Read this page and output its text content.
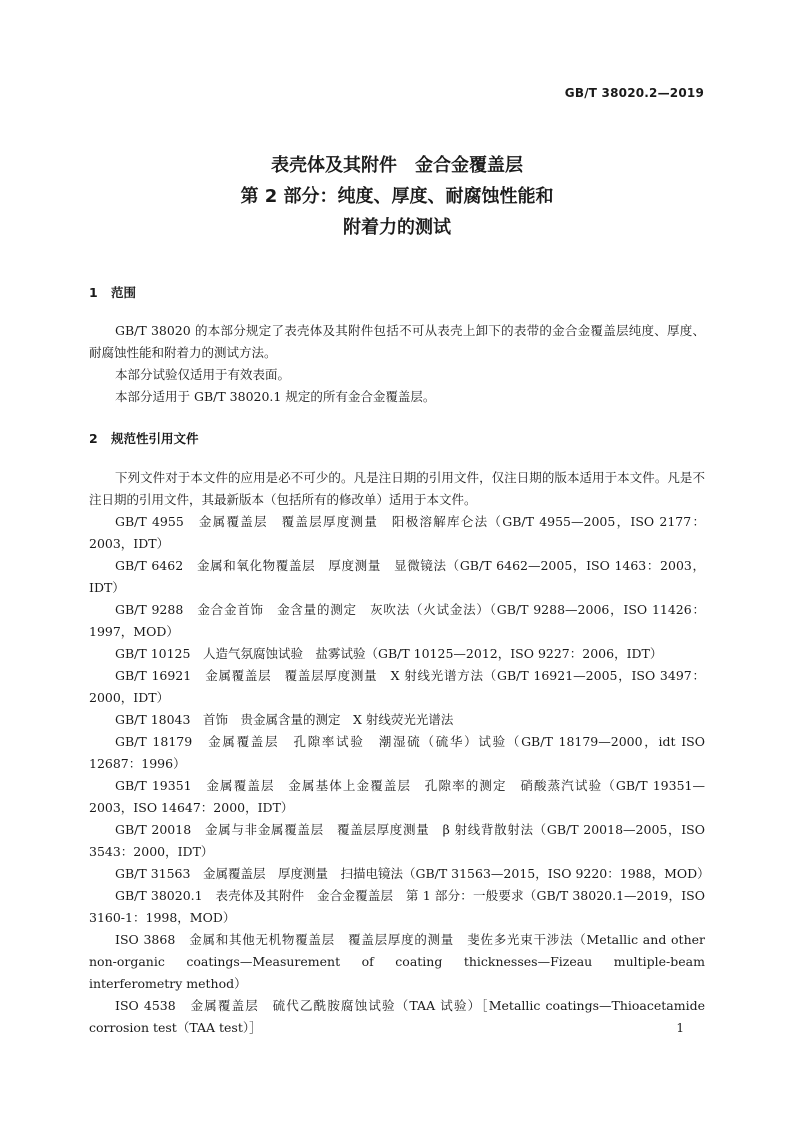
GB/T 38020.2—2019
表壳体及其附件　金合金覆盖层
第 2 部分：纯度、厚度、耐腐蚀性能和
附着力的测试
1 范围

GB/T 38020 的本部分规定了表壳体及其附件包括不可从表壳上卸下的表带的金合金覆盖层纯度、厚度、耐腐蚀性能和附着力的测试方法。

本部分试验仅适用于有效表面。

本部分适用于 GB/T 38020.1 规定的所有金合金覆盖层。

2 规范性引用文件

下列文件对于本文件的应用是必不可少的。凡是注日期的引用文件，仅注日期的版本适用于本文件。凡是不注日期的引用文件，其最新版本（包括所有的修改单）适用于本文件。

GB/T 4955　金属覆盖层　覆盖层厚度测量　阳极溶解库仑法（GB/T 4955—2005，ISO 2177：2003，IDT）

GB/T 6462　金属和氧化物覆盖层　厚度测量　显微镜法（GB/T 6462—2005，ISO 1463：2003，IDT）

GB/T 9288　金合金首饰　金含量的测定　灰吹法（火试金法）（GB/T 9288—2006，ISO 11426：1997，MOD）

GB/T 10125　人造气氛腐蚀试验　盐雾试验（GB/T 10125—2012，ISO 9227：2006，IDT）

GB/T 16921　金属覆盖层　覆盖层厚度测量　X 射线光谱方法（GB/T 16921—2005，ISO 3497：2000，IDT）

GB/T 18043　首饰　贵金属含量的测定　X 射线荧光光谱法

GB/T 18179　金属覆盖层　孔隙率试验　潮湿硫（硫华）试验（GB/T 18179—2000，idt ISO 12687：1996）

GB/T 19351　金属覆盖层　金属基体上金覆盖层　孔隙率的测定　硝酸蒸汽试验（GB/T 19351—2003，ISO 14647：2000，IDT）

GB/T 20018　金属与非金属覆盖层　覆盖层厚度测量　β 射线背散射法（GB/T 20018—2005，ISO 3543：2000，IDT）

GB/T 31563　金属覆盖层　厚度测量　扫描电镜法（GB/T 31563—2015，ISO 9220：1988，MOD）

GB/T 38020.1　表壳体及其附件　金合金覆盖层　第 1 部分：一般要求（GB/T 38020.1—2019，ISO 3160-1：1998，MOD）

ISO 3868　金属和其他无机物覆盖层　覆盖层厚度的测量　斐佐多光束干涉法（Metallic and other non-organic coatings—Measurement of coating thicknesses—Fizeau multiple-beam interferometry method）

ISO 4538　金属覆盖层　硫代乙酰胺腐蚀试验（TAA 试验）［Metallic coatings—Thioacetamide corrosion test（TAA test）］	1
